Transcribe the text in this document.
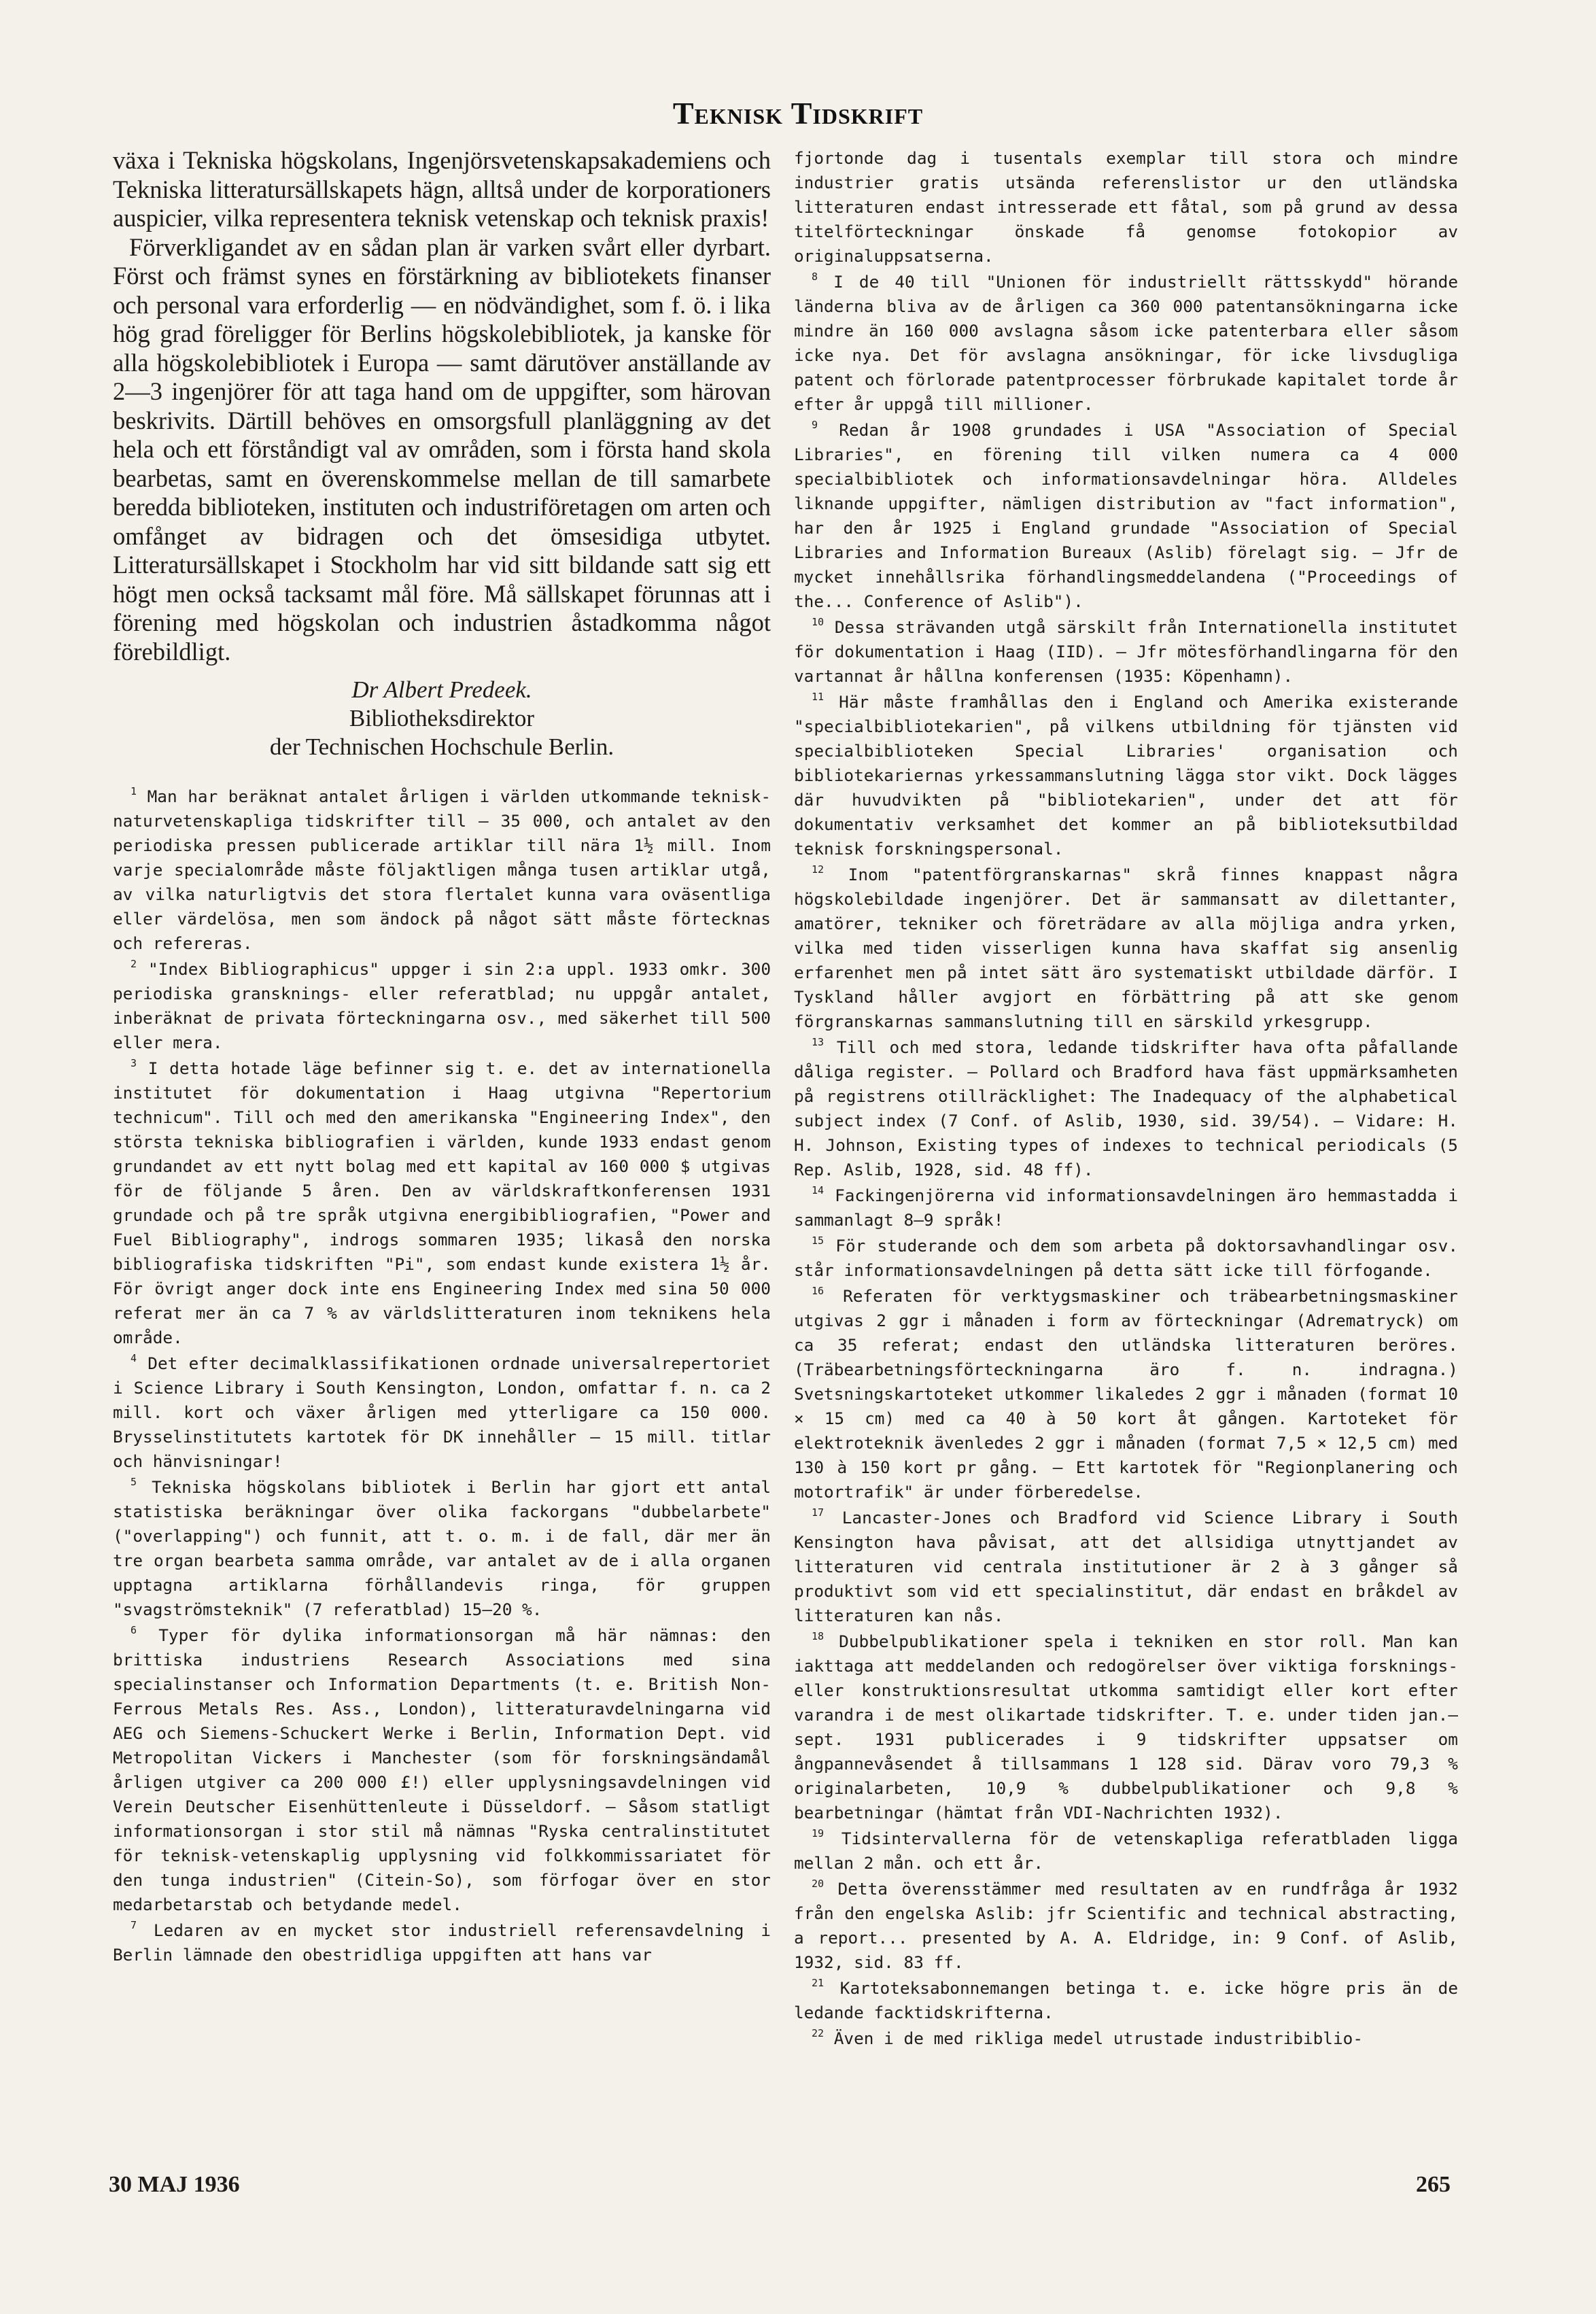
Teknisk Tidskrift

växa i Tekniska högskolans, Ingenjörsvetenskapsakademiens och Tekniska litteratursällskapets hägn, alltså under de korporationers auspicier, vilka representera teknisk vetenskap och teknisk praxis!

Förverkligandet av en sådan plan är varken svårt eller dyrbart. Först och främst synes en förstärkning av bibliotekets finanser och personal vara erforderlig — en nödvändighet, som f. ö. i lika hög grad föreligger för Berlins högskolebibliotek, ja kanske för alla högskolebibliotek i Europa — samt därutöver anställande av 2—3 ingenjörer för att taga hand om de uppgifter, som härovan beskrivits. Därtill behöves en omsorgsfull planläggning av det hela och ett förståndigt val av områden, som i första hand skola bearbetas, samt en överenskommelse mellan de till samarbete beredda biblioteken, instituten och industriföretagen om arten och omfånget av bidragen och det ömsesidiga utbytet. Litteratursällskapet i Stockholm har vid sitt bildande satt sig ett högt men också tacksamt mål före. Må sällskapet förunnas att i förening med högskolan och industrien åstadkomma något förebildligt.

Dr Albert Predeek.
Bibliotheksdirektor
der Technischen Hochschule Berlin.

$^1$ Man har beräknat antalet årligen i världen utkommande teknisk-naturvetenskapliga tidskrifter till — 35 000, och antalet av den periodiska pressen publicerade artiklar till nära 1½ mill. Inom varje specialområde måste följaktligen många tusen artiklar utgå, av vilka naturligtvis det stora flertalet kunna vara oväsentliga eller värdelösa, men som ändock på något sätt måste förtecknas och refereras.

$^2$ "Index Bibliographicus" uppger i sin 2:a uppl. 1933 omkr. 300 periodiska gransknings- eller referatblad; nu uppgår antalet, inberäknat de privata förteckningarna osv., med säkerhet till 500 eller mera.

$^3$ I detta hotade läge befinner sig t. e. det av internationella institutet för dokumentation i Haag utgivna "Repertorium technicum". Till och med den amerikanska "Engineering Index", den största tekniska bibliografien i världen, kunde 1933 endast genom grundandet av ett nytt bolag med ett kapital av 160 000 $ utgivas för de följande 5 åren. Den av världskraftkonferensen 1931 grundade och på tre språk utgivna energibibliografien, "Power and Fuel Bibliography", indrogs sommaren 1935; likaså den norska bibliografiska tidskriften "Pi", som endast kunde existera 1½ år. För övrigt anger dock inte ens Engineering Index med sina 50 000 referat mer än ca 7 % av världslitteraturen inom teknikens hela område.

$^4$ Det efter decimalklassifikationen ordnade universalrepertoriet i Science Library i South Kensington, London, omfattar f. n. ca 2 mill. kort och växer årligen med ytterligare ca 150 000. Brysselinstitutets kartotek för DK innehåller — 15 mill. titlar och hänvisningar!

$^5$ Tekniska högskolans bibliotek i Berlin har gjort ett antal statistiska beräkningar över olika fackorgans "dubbelarbete" ("overlapping") och funnit, att t. o. m. i de fall, där mer än tre organ bearbeta samma område, var antalet av de i alla organen upptagna artiklarna förhållandevis ringa, för gruppen "svagströmsteknik" (7 referatblad) 15—20 %.

$^6$ Typer för dylika informationsorgan må här nämnas: den brittiska industriens Research Associations med sina specialinstanser och Information Departments (t. e. British Non-Ferrous Metals Res. Ass., London), litteraturavdelningarna vid AEG och Siemens-Schuckert Werke i Berlin, Information Dept. vid Metropolitan Vickers i Manchester (som för forskningsändamål årligen utgiver ca 200 000 £!) eller upplysningsavdelningen vid Verein Deutscher Eisenhüttenleute i Düsseldorf. — Såsom statligt informationsorgan i stor stil må nämnas "Ryska centralinstitutet för teknisk-vetenskaplig upplysning vid folkkommissariatet för den tunga industrien" (Citein-So), som förfogar över en stor medarbetarstab och betydande medel.

$^7$ Ledaren av en mycket stor industriell referensavdelning i Berlin lämnade den obestridliga uppgiften att hans var

fjortonde dag i tusentals exemplar till stora och mindre industrier gratis utsända referenslistor ur den utländska litteraturen endast intresserade ett fåtal, som på grund av dessa titelförteckningar önskade få genomse fotokopior av originaluppsatserna.

$^8$ I de 40 till "Unionen för industriellt rättsskydd" hörande länderna bliva av de årligen ca 360 000 patentansökningarna icke mindre än 160 000 avslagna såsom icke patenterbara eller såsom icke nya. Det för avslagna ansökningar, för icke livsdugliga patent och förlorade patentprocesser förbrukade kapitalet torde år efter år uppgå till millioner.

$^9$ Redan år 1908 grundades i USA "Association of Special Libraries", en förening till vilken numera ca 4 000 specialbibliotek och informationsavdelningar höra. Alldeles liknande uppgifter, nämligen distribution av "fact information", har den år 1925 i England grundade "Association of Special Libraries and Information Bureaux (Aslib) förelagt sig. — Jfr de mycket innehållsrika förhandlingsmeddelandena ("Proceedings of the... Conference of Aslib").

$^{10}$ Dessa strävanden utgå särskilt från Internationella institutet för dokumentation i Haag (IID). — Jfr mötesförhandlingarna för den vartannat år hållna konferensen (1935: Köpenhamn).

$^{11}$ Här måste framhållas den i England och Amerika existerande "specialbibliotekarien", på vilkens utbildning för tjänsten vid specialbiblioteken Special Libraries' organisation och bibliotekariernas yrkessammanslutning lägga stor vikt. Dock lägges där huvudvikten på "bibliotekarien", under det att för dokumentativ verksamhet det kommer an på biblioteksutbildad teknisk forskningspersonal.

$^{12}$ Inom "patentförgranskarnas" skrå finnes knappast några högskolebildade ingenjörer. Det är sammansatt av dilettanter, amatörer, tekniker och företrädare av alla möjliga andra yrken, vilka med tiden visserligen kunna hava skaffat sig ansenlig erfarenhet men på intet sätt äro systematiskt utbildade därför. I Tyskland håller avgjort en förbättring på att ske genom förgranskarnas sammanslutning till en särskild yrkesgrupp.

$^{13}$ Till och med stora, ledande tidskrifter hava ofta påfallande dåliga register. — Pollard och Bradford hava fäst uppmärksamheten på registrens otillräcklighet: The Inadequacy of the alphabetical subject index (7 Conf. of Aslib, 1930, sid. 39/54). — Vidare: H. H. Johnson, Existing types of indexes to technical periodicals (5 Rep. Aslib, 1928, sid. 48 ff).

$^{14}$ Fackingenjörerna vid informationsavdelningen äro hemmastadda i sammanlagt 8—9 språk!

$^{15}$ För studerande och dem som arbeta på doktorsavhandlingar osv. står informationsavdelningen på detta sätt icke till förfogande.

$^{16}$ Referaten för verktygsmaskiner och träbearbetningsmaskiner utgivas 2 ggr i månaden i form av förteckningar (Adrematryck) om ca 35 referat; endast den utländska litteraturen beröres. (Träbearbetningsförteckningarna äro f. n. indragna.) Svetsningskartoteket utkommer likaledes 2 ggr i månaden (format 10 × 15 cm) med ca 40 à 50 kort åt gången. Kartoteket för elektroteknik ävenledes 2 ggr i månaden (format 7,5 × 12,5 cm) med 130 à 150 kort pr gång. — Ett kartotek för "Regionplanering och motortrafik" är under förberedelse.

$^{17}$ Lancaster-Jones och Bradford vid Science Library i South Kensington hava påvisat, att det allsidiga utnyttjandet av litteraturen vid centrala institutioner är 2 à 3 gånger så produktivt som vid ett specialinstitut, där endast en bråkdel av litteraturen kan nås.

$^{18}$ Dubbelpublikationer spela i tekniken en stor roll. Man kan iakttaga att meddelanden och redogörelser över viktiga forsknings- eller konstruktionsresultat utkomma samtidigt eller kort efter varandra i de mest olikartade tidskrifter. T. e. under tiden jan.—sept. 1931 publicerades i 9 tidskrifter uppsatser om ångpannevåsendet å tillsammans 1 128 sid. Därav voro 79,3 % originalarbeten, 10,9 % dubbelpublikationer och 9,8 % bearbetningar (hämtat från VDI-Nachrichten 1932).

$^{19}$ Tidsintervallerna för de vetenskapliga referatbladen ligga mellan 2 mån. och ett år.

$^{20}$ Detta överensstämmer med resultaten av en rundfråga år 1932 från den engelska Aslib: jfr Scientific and technical abstracting, a report... presented by A. A. Eldridge, in: 9 Conf. of Aslib, 1932, sid. 83 ff.

$^{21}$ Kartoteksabonnemangen betinga t. e. icke högre pris än de ledande facktidskrifterna.

$^{22}$ Även i de med rikliga medel utrustade industribiblio-

30 MAJ 1936	265
